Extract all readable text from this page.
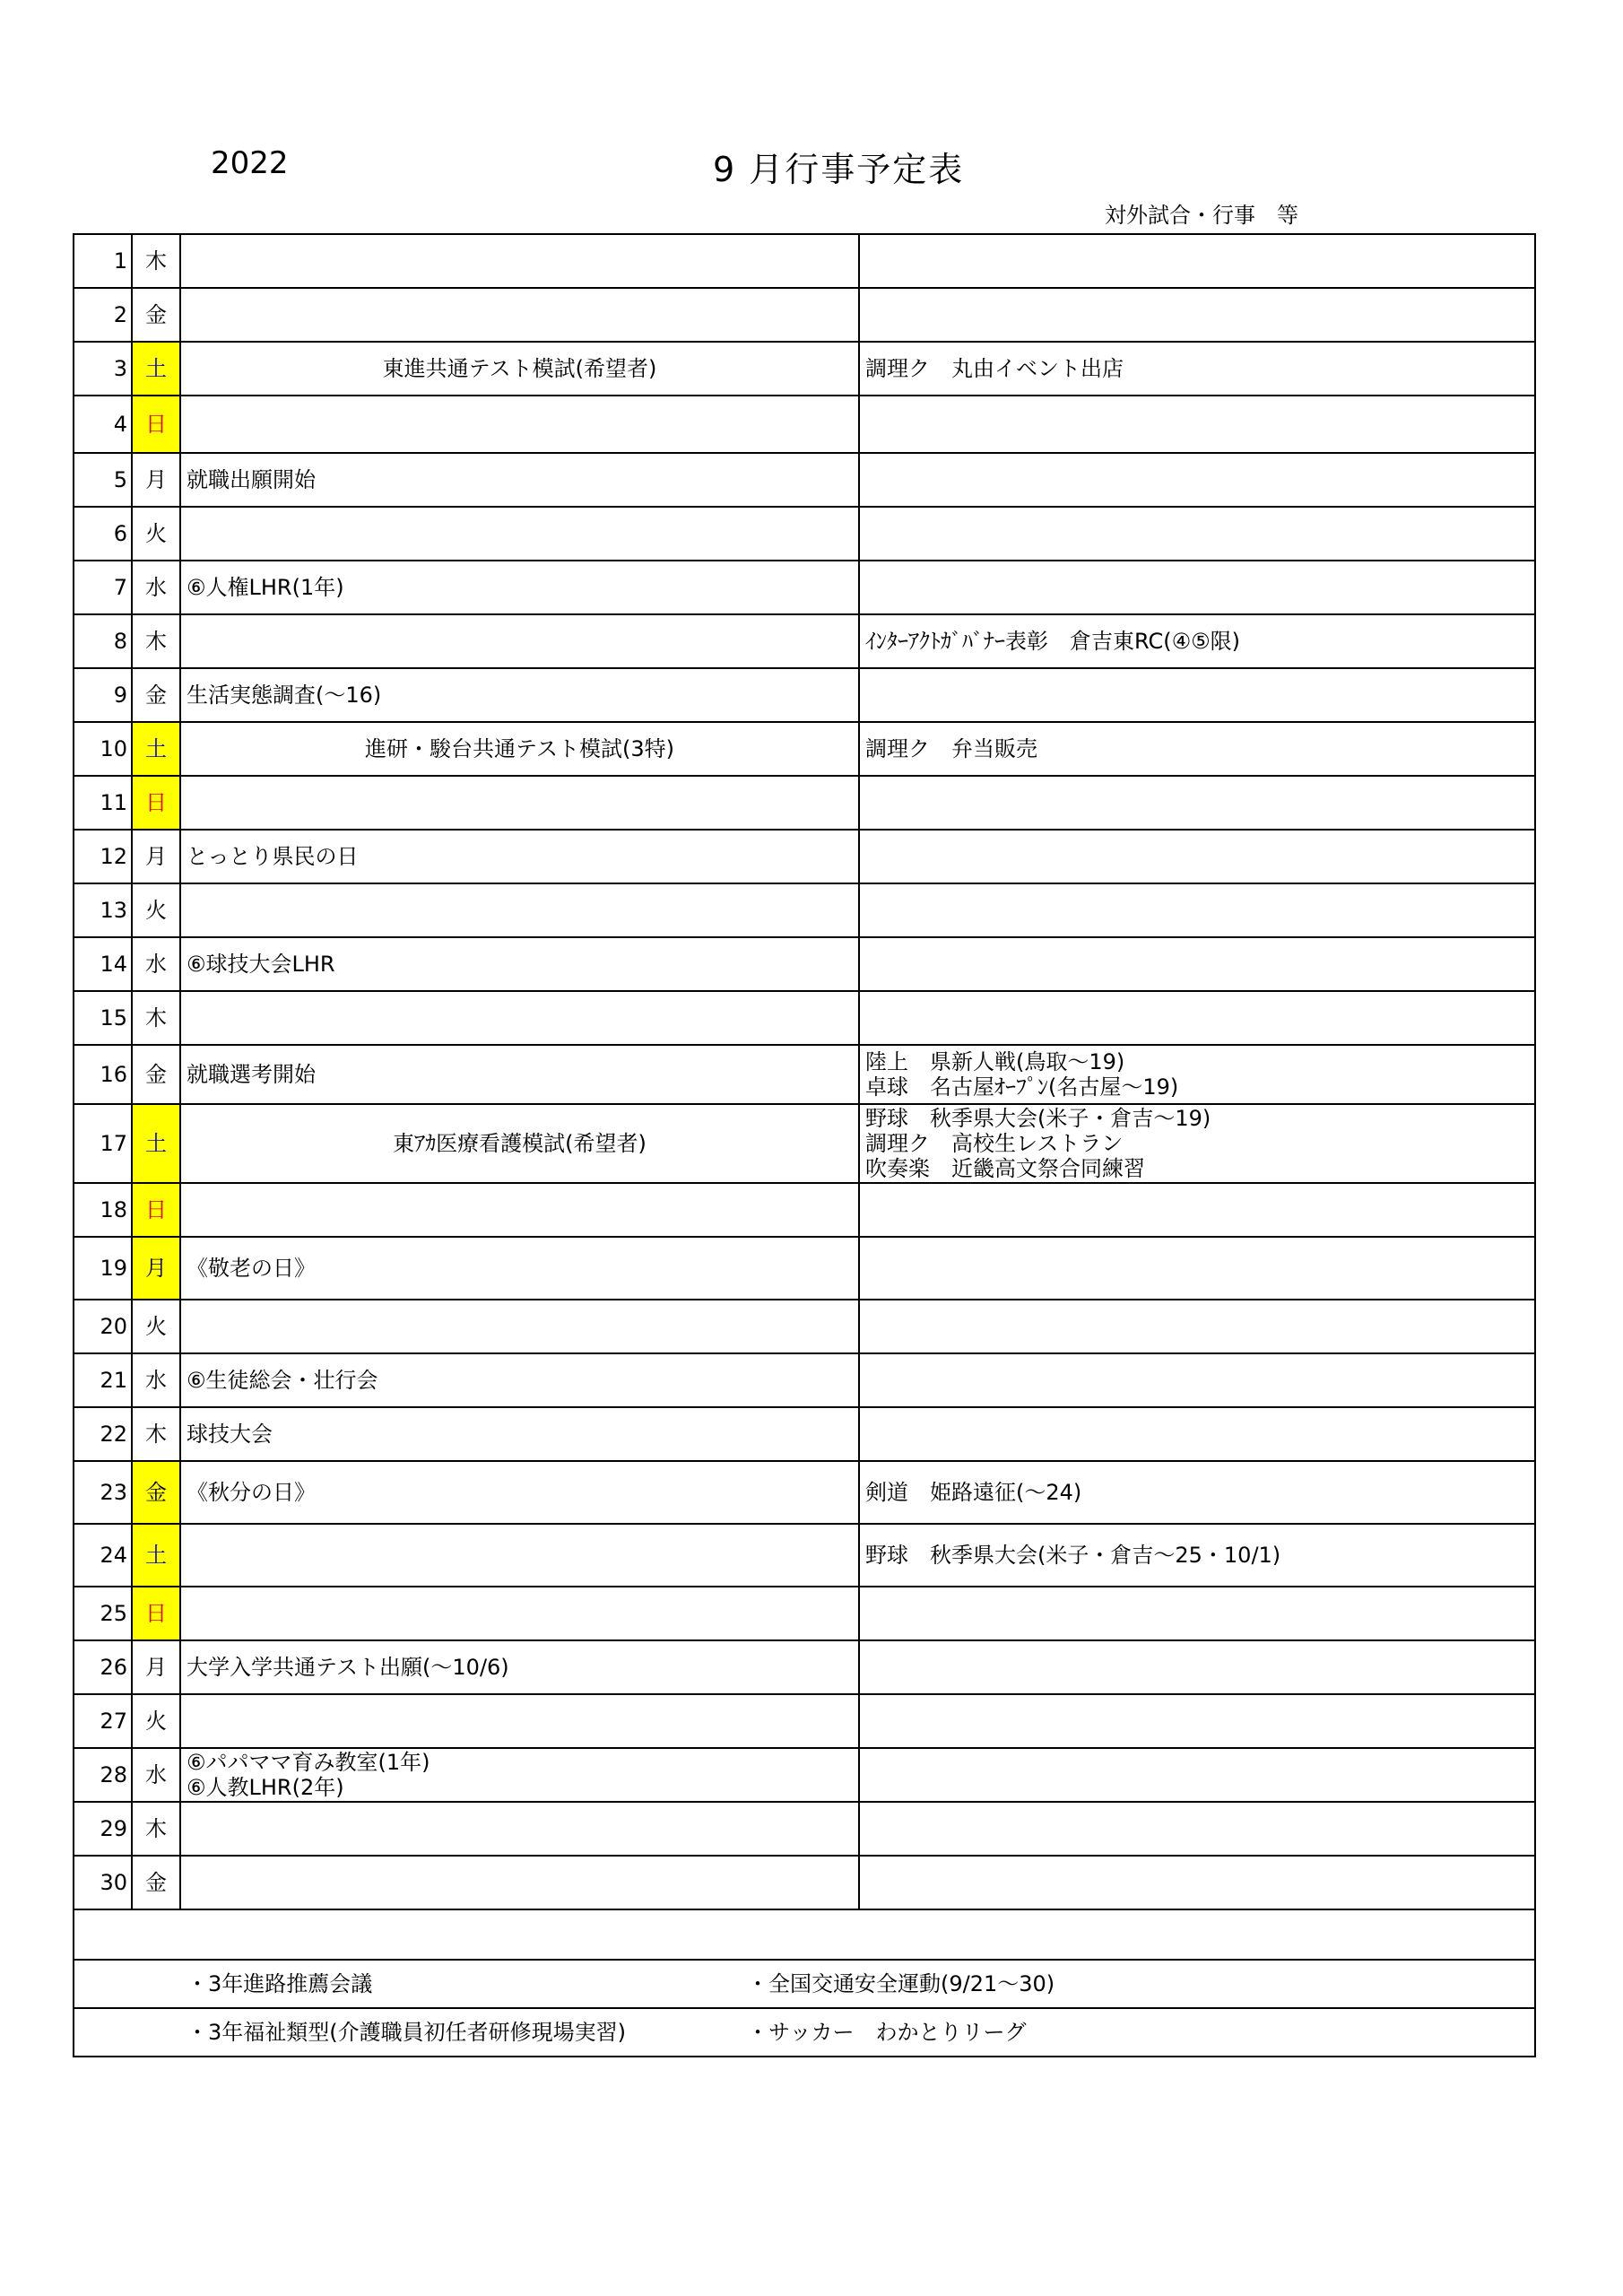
2022	9 月行事予定表
対外試合・行事　等
1	木		
2	金		
3	土	東進共通テスト模試(希望者)	調理ク　丸由イベント出店

4	日		
5	月	就職出願開始	

6	火		
7	水	⑥人権LHR(1年)	

8	木		ｲﾝﾀｰｱｸﾄｶﾞﾊﾞﾅｰ表彰　倉吉東RC(④⑤限)

9	金	生活実態調査(～16)	

10	土	進研・駿台共通テスト模試(3特)	調理ク　弁当販売

11	日		
12	月	とっとり県民の日	

13	火		
14	水	⑥球技大会LHR	

15	木		
16	金	就職選考開始	陸上　県新人戦(鳥取～19)
卓球　名古屋ｵｰﾌﾟﾝ(名古屋～19)

17	土	東ｱｶ医療看護模試(希望者)	野球　秋季県大会(米子・倉吉～19)
調理ク　高校生レストラン
吹奏楽　近畿高文祭合同練習

18	日		
19	月	《敬老の日》	

20	火		
21	水	⑥生徒総会・壮行会	

22	木	球技大会	

23	金	《秋分の日》	剣道　姫路遠征(～24)

24	土		野球　秋季県大会(米子・倉吉～25・10/1)

25	日		
26	月	大学入学共通テスト出願(～10/6)	

27	火		
28	水	⑥パパママ育み教室(1年)
⑥人教LHR(2年)	

29	木		
30	金		

・3年進路推薦会議 ・全国交通安全運動(9/21～30)			
・3年福祉類型(介護職員初任者研修現場実習) ・サッカー　わかとりリーグ			
